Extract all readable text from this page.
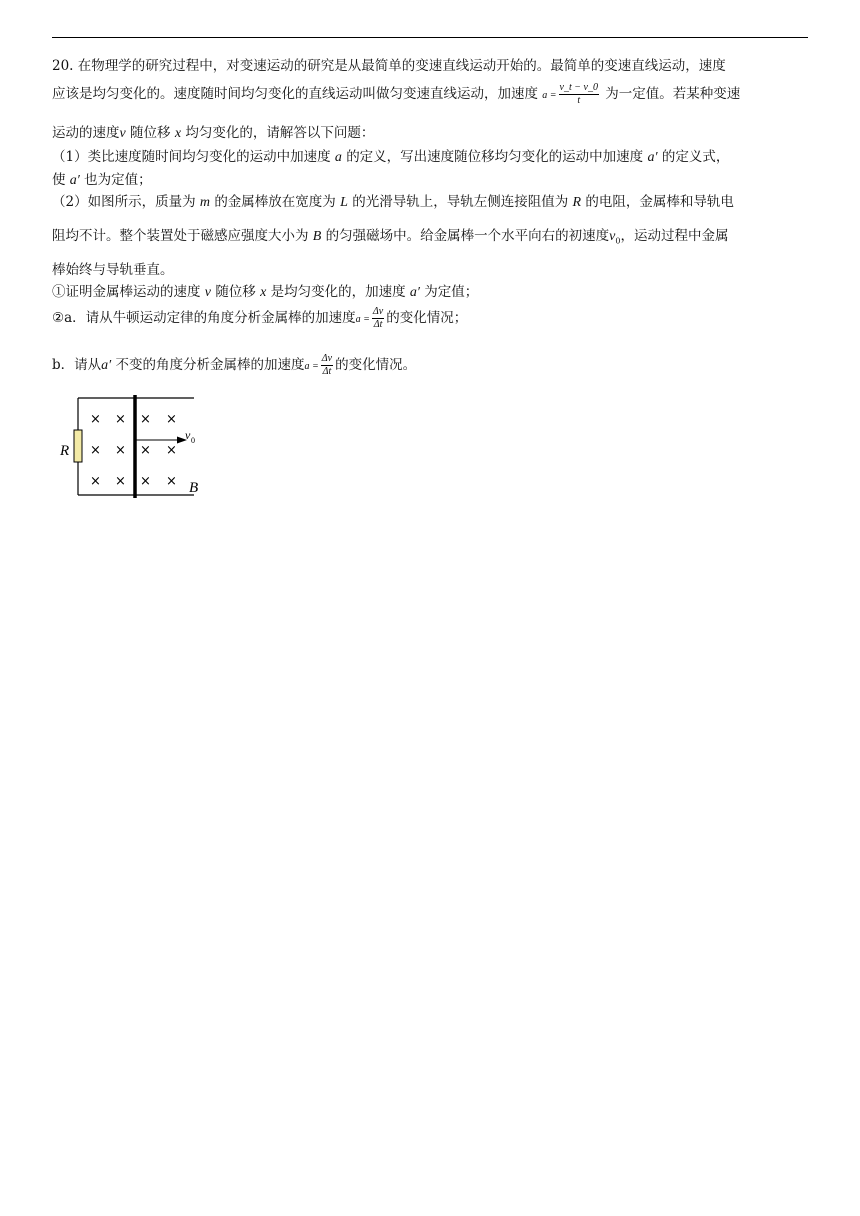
20. 在物理学的研究过程中，对变速运动的研究是从最简单的变速直线运动开始的。最简单的变速直线运动，速度
应该是均匀变化的。速度随时间均匀变化的直线运动叫做匀变速直线运动，加速度 $a = \frac{v\_t - v\_0}{t}$ 为一定值。若某种变速
运动的速度v 随位移 x 均匀变化的，请解答以下问题：
（1）类比速度随时间均匀变化的运动中加速度 a 的定义，写出速度随位移均匀变化的运动中加速度 a′ 的定义式，
使 a′ 也为定值；
（2）如图所示，质量为 m 的金属棒放在宽度为 L 的光滑导轨上，导轨左侧连接阻值为 R 的电阻，金属棒和导轨电
阻均不计。整个装置处于磁感应强度大小为 B 的匀强磁场中。给金属棒一个水平向右的初速度$v_0$，运动过程中金属
棒始终与导轨垂直。
①证明金属棒运动的速度 v 随位移 x 是均匀变化的，加速度 a′ 为定值；
②a．请从牛顿运动定律的角度分析金属棒的加速度$a = \frac{\Delta v}{\Delta t}$ 的变化情况；
b．请从a′ 不变的角度分析金属棒的加速度$a = \frac{\Delta v}{\Delta t}$ 的变化情况。
R
× × × ×
× × × ×
× × × ×
v 0
B
